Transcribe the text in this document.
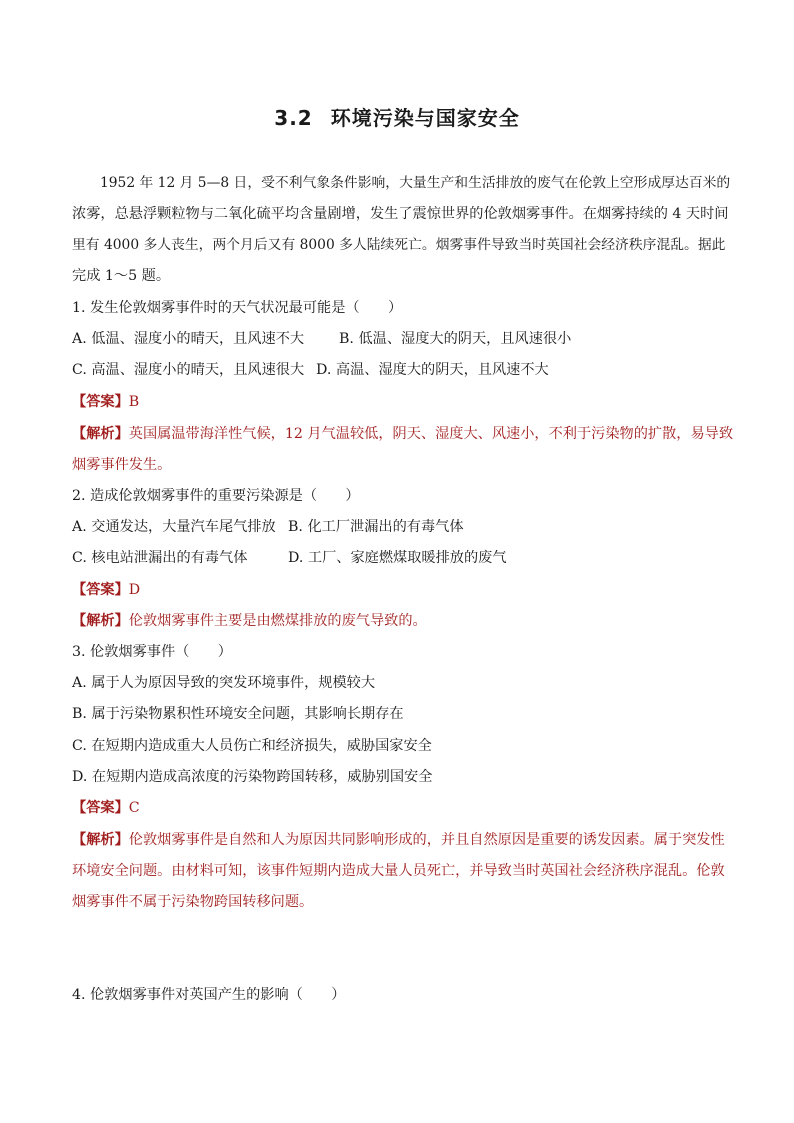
3.2 环境污染与国家安全
1952 年 12 月 5—8 日，受不利气象条件影响，大量生产和生活排放的废气在伦敦上空形成厚达百米的
浓雾，总悬浮颗粒物与二氧化硫平均含量剧增，发生了震惊世界的伦敦烟雾事件。在烟雾持续的 4 天时间
里有 4000 多人丧生，两个月后又有 8000 多人陆续死亡。烟雾事件导致当时英国社会经济秩序混乱。据此
完成 1～5 题。
1. 发生伦敦烟雾事件时的天气状况最可能是（　　）
A. 低温、湿度小的晴天，且风速不大 B. 低温、湿度大的阴天，且风速很小
C. 高温、湿度小的晴天，且风速很大 D. 高温、湿度大的阴天，且风速不大
【答案】B
【解析】英国属温带海洋性气候，12 月气温较低，阴天、湿度大、风速小，不利于污染物的扩散，易导致
烟雾事件发生。
2. 造成伦敦烟雾事件的重要污染源是（　　）
A. 交通发达，大量汽车尾气排放 B. 化工厂泄漏出的有毒气体
C. 核电站泄漏出的有毒气体	D. 工厂、家庭燃煤取暖排放的废气
【答案】D
【解析】伦敦烟雾事件主要是由燃煤排放的废气导致的。
3. 伦敦烟雾事件（　　）
A. 属于人为原因导致的突发环境事件，规模较大
B. 属于污染物累积性环境安全问题，其影响长期存在
C. 在短期内造成重大人员伤亡和经济损失，威胁国家安全
D. 在短期内造成高浓度的污染物跨国转移，威胁别国安全
【答案】C
【解析】伦敦烟雾事件是自然和人为原因共同影响形成的，并且自然原因是重要的诱发因素。属于突发性
环境安全问题。由材料可知，该事件短期内造成大量人员死亡，并导致当时英国社会经济秩序混乱。伦敦
烟雾事件不属于污染物跨国转移问题。
4. 伦敦烟雾事件对英国产生的影响（　　）
